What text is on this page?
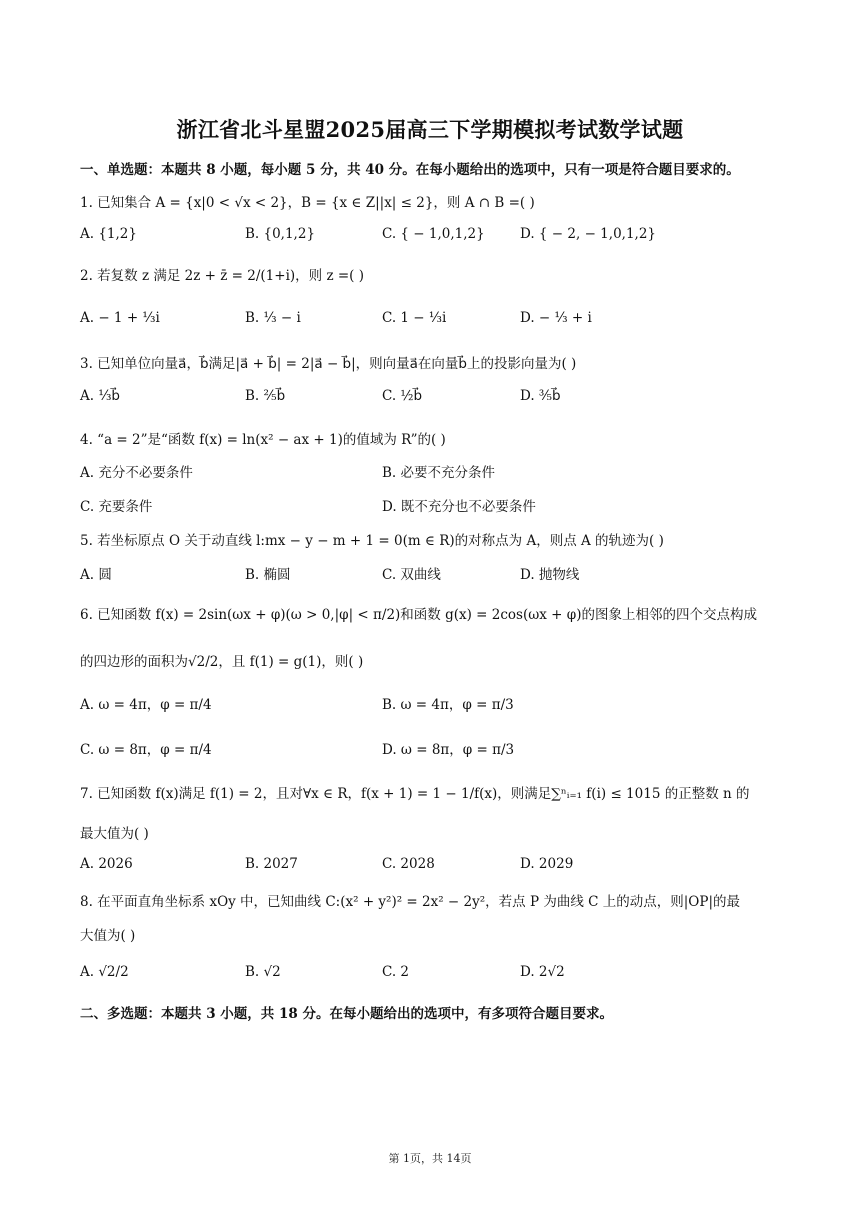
浙江省北斗星盟2025届高三下学期模拟考试数学试题
一、单选题：本题共 8 小题，每小题 5 分，共 40 分。在每小题给出的选项中，只有一项是符合题目要求的。
1. 已知集合 A = {x|0 < √x < 2}，B = {x ∈ Z||x| ≤ 2}，则 A ∩ B =( )
A. {1,2}	B. {0,1,2}	C. { − 1,0,1,2}	D. { − 2, − 1,0,1,2}
2. 若复数 z 满足 2z + z̄ = 2/(1+i)，则 z =( )
A. − 1 + ⅓i	B. ⅓ − i	C. 1 − ⅓i	D. − ⅓ + i
3. 已知单位向量a⃗，b⃗满足|a⃗ + b⃗| = 2|a⃗ − b⃗|，则向量a⃗在向量b⃗上的投影向量为( )
A. ⅓b⃗	B. ⅖b⃗	C. ½b⃗	D. ⅗b⃗
4. “a = 2”是“函数 f(x) = ln(x² − ax + 1)的值域为 R”的( )
A. 充分不必要条件	B. 必要不充分条件
C. 充要条件	D. 既不充分也不必要条件
5. 若坐标原点 O 关于动直线 l:mx − y − m + 1 = 0(m ∈ R)的对称点为 A，则点 A 的轨迹为( )
A. 圆	B. 椭圆	C. 双曲线	D. 抛物线
6. 已知函数 f(x) = 2sin(ωx + φ)(ω > 0,|φ| < π/2)和函数 g(x) = 2cos(ωx + φ)的图象上相邻的四个交点构成
的四边形的面积为√2/2，且 f(1) = g(1)，则( )
A. ω = 4π，φ = π/4	B. ω = 4π，φ = π/3
C. ω = 8π，φ = π/4	D. ω = 8π，φ = π/3
7. 已知函数 f(x)满足 f(1) = 2，且对∀x ∈ R，f(x + 1) = 1 − 1/f(x)，则满足∑ⁿᵢ₌₁ f(i) ≤ 1015 的正整数 n 的
最大值为( )
A. 2026	B. 2027	C. 2028	D. 2029
8. 在平面直角坐标系 xOy 中，已知曲线 C:(x² + y²)² = 2x² − 2y²，若点 P 为曲线 C 上的动点，则|OP|的最
大值为( )
A. √2/2	B. √2	C. 2	D. 2√2
二、多选题：本题共 3 小题，共 18 分。在每小题给出的选项中，有多项符合题目要求。
第 1页，共 14页
